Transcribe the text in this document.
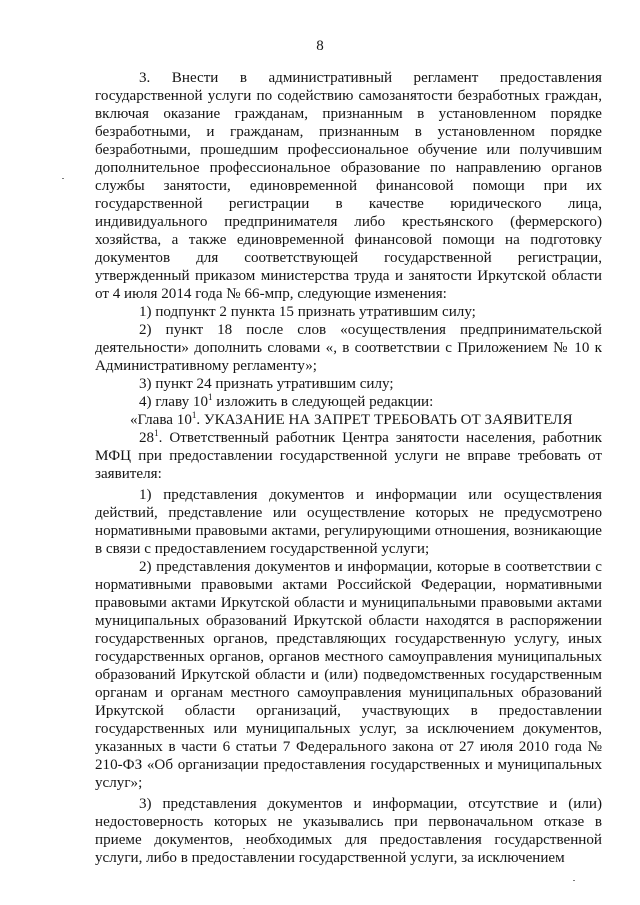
8

3. Внести в административный регламент предоставления государственной услуги по содействию самозанятости безработных граждан, включая оказание гражданам, признанным в установленном порядке безработными, и гражданам, признанным в установленном порядке безработными, прошедшим профессиональное обучение или получившим дополнительное профессиональное образование по направлению органов службы занятости, единовременной финансовой помощи при их государственной регистрации в качестве юридического лица, индивидуального предпринимателя либо крестьянского (фермерского) хозяйства, а также единовременной финансовой помощи на подготовку документов для соответствующей государственной регистрации, утвержденный приказом министерства труда и занятости Иркутской области от 4 июля 2014 года № 66-мпр, следующие изменения:

1) подпункт 2 пункта 15 признать утратившим силу;

2) пункт 18 после слов «осуществления предпринимательской деятельности» дополнить словами «, в соответствии с Приложением № 10 к Административному регламенту»;

3) пункт 24 признать утратившим силу;

4) главу $10^1$ изложить в следующей редакции:

«Глава $10^1$. УКАЗАНИЕ НА ЗАПРЕТ ТРЕБОВАТЬ ОТ ЗАЯВИТЕЛЯ

$28^1$. Ответственный работник Центра занятости населения, работник МФЦ при предоставлении государственной услуги не вправе требовать от заявителя:

1) представления документов и информации или осуществления действий, представление или осуществление которых не предусмотрено нормативными правовыми актами, регулирующими отношения, возникающие в связи с предоставлением государственной услуги;

2) представления документов и информации, которые в соответствии с нормативными правовыми актами Российской Федерации, нормативными правовыми актами Иркутской области и муниципальными правовыми актами муниципальных образований Иркутской области находятся в распоряжении государственных органов, представляющих государственную услугу, иных государственных органов, органов местного самоуправления муниципальных образований Иркутской области и (или) подведомственных государственным органам и органам местного самоуправления муниципальных образований Иркутской области организаций, участвующих в предоставлении государственных или муниципальных услуг, за исключением документов, указанных в части 6 статьи 7 Федерального закона от 27 июля 2010 года № 210-ФЗ «Об организации предоставления государственных и муниципальных услуг»;

3) представления документов и информации, отсутствие и (или) недостоверность которых не указывались при первоначальном отказе в приеме документов, необходимых для предоставления государственной услуги, либо в предоставлении государственной услуги, за исключением
